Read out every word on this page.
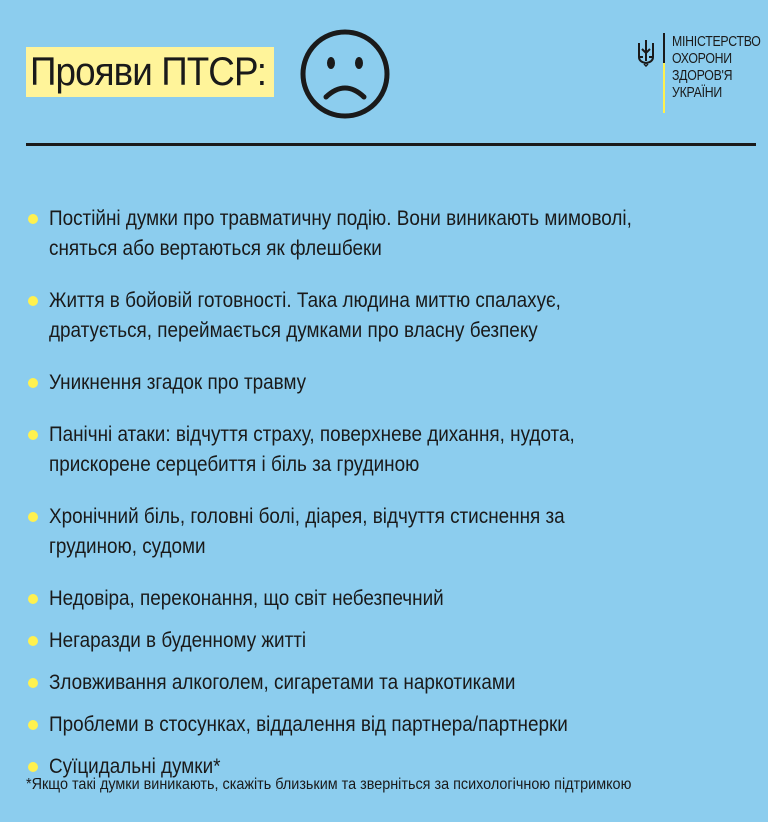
Прояви ПТСР:
МІНІСТЕРСТВО
ОХОРОНИ
ЗДОРОВ'Я
УКРАЇНИ
Постійні думки про травматичну подію. Вони виникають мимоволі,
сняться або вертаються як флешбеки
Життя в бойовій готовності. Така людина миттю спалахує,
дратується, переймається думками про власну безпеку
Уникнення згадок про травму
Панічні атаки: відчуття страху, поверхневе дихання, нудота,
прискорене серцебиття і біль за грудиною
Хронічний біль, головні болі, діарея, відчуття стиснення за
грудиною, судоми
Недовіра, переконання, що світ небезпечний
Негаразди в буденному житті
Зловживання алкоголем, сигаретами та наркотиками
Проблеми в стосунках, віддалення від партнера/партнерки
Суїцидальні думки*
*Якщо такі думки виникають, скажіть близьким та зверніться за психологічною підтримкою
